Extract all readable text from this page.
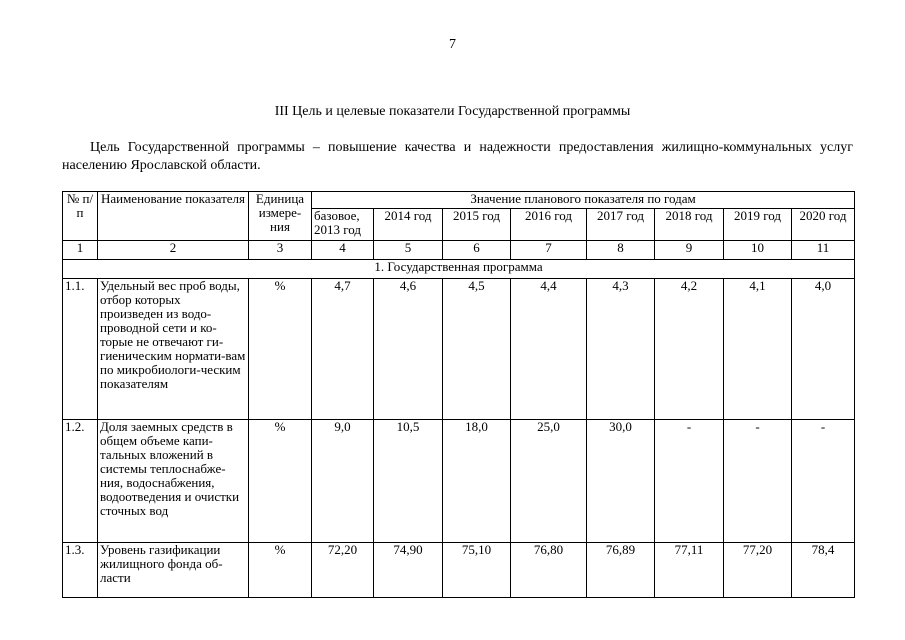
7
III Цель и целевые показатели Государственной программы
Цель Государственной программы – повышение качества и надежности предоставления жилищно-коммунальных услуг населению Ярославской области.
№ п/п	Наименование показателя	Единица измере-ния	Значение планового показателя по годам							
			базовое, 2013 год	2014 год	2015 год	2016 год	2017 год	2018 год	2019 год	2020 год
1	2	3	4	5	6	7	8	9	10	11
1. Государственная программа										
1.1.	Удельный вес проб воды, отбор которых произведен из водо-проводной сети и ко-торые не отвечают ги-гиеническим нормати-вам по микробиологи-ческим показателям	%	4,7	4,6	4,5	4,4	4,3	4,2	4,1	4,0
1.2.	Доля заемных средств в общем объеме капи-тальных вложений в системы теплоснабже-ния, водоснабжения, водоотведения и очистки сточных вод	%	9,0	10,5	18,0	25,0	30,0	-	-	-
1.3.	Уровень газификации жилищного фонда об-ласти	%	72,20	74,90	75,10	76,80	76,89	77,11	77,20	78,4
